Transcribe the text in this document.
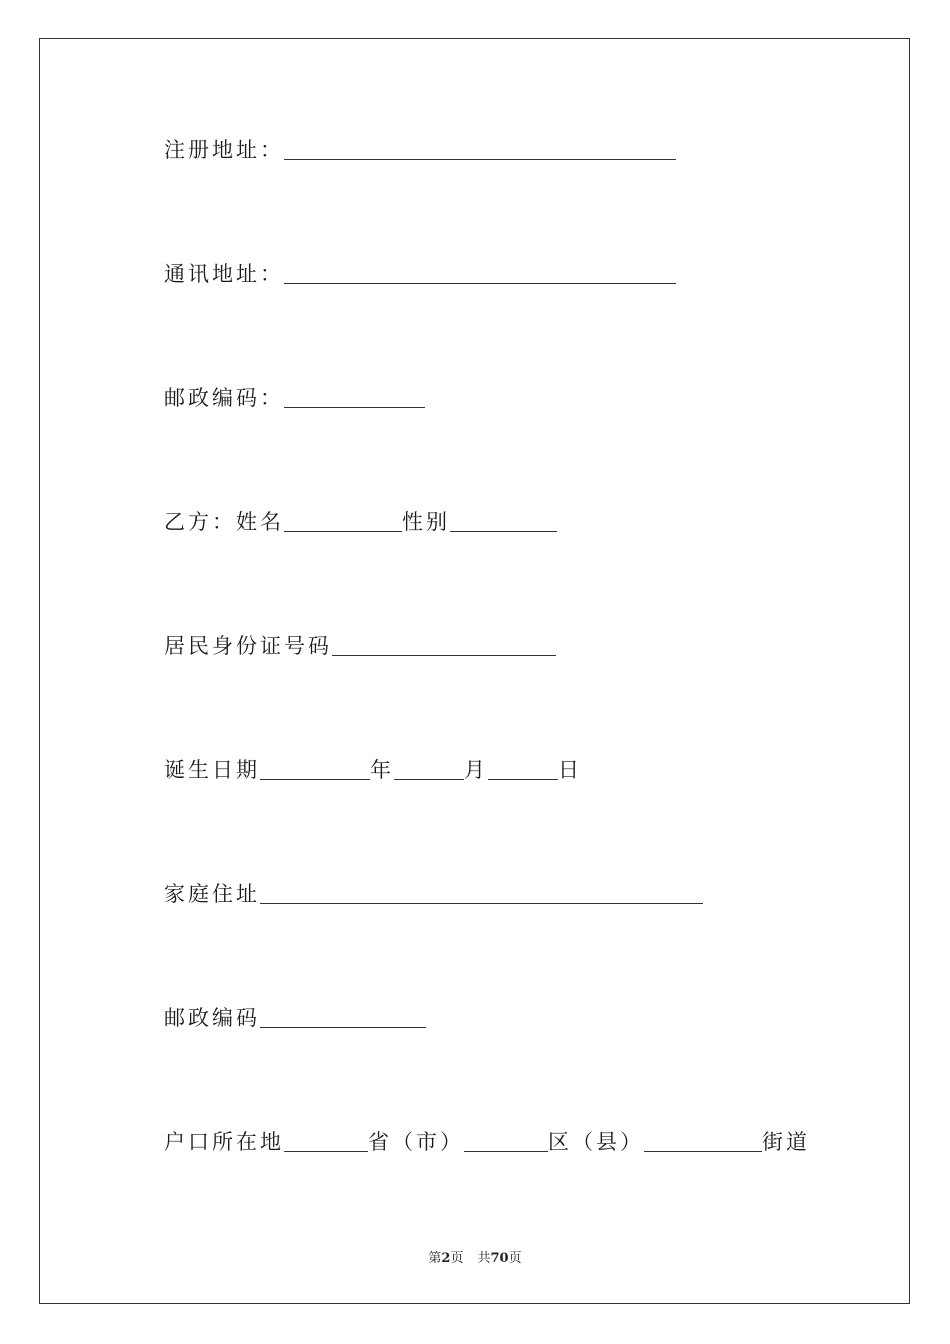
注册地址：
通讯地址：
邮政编码：
乙方：姓名	性别
居民身份证号码
诞生日期	年	月	日
家庭住址
邮政编码
户口所在地	省（市）	区（县）	街道
第2页 共70页
